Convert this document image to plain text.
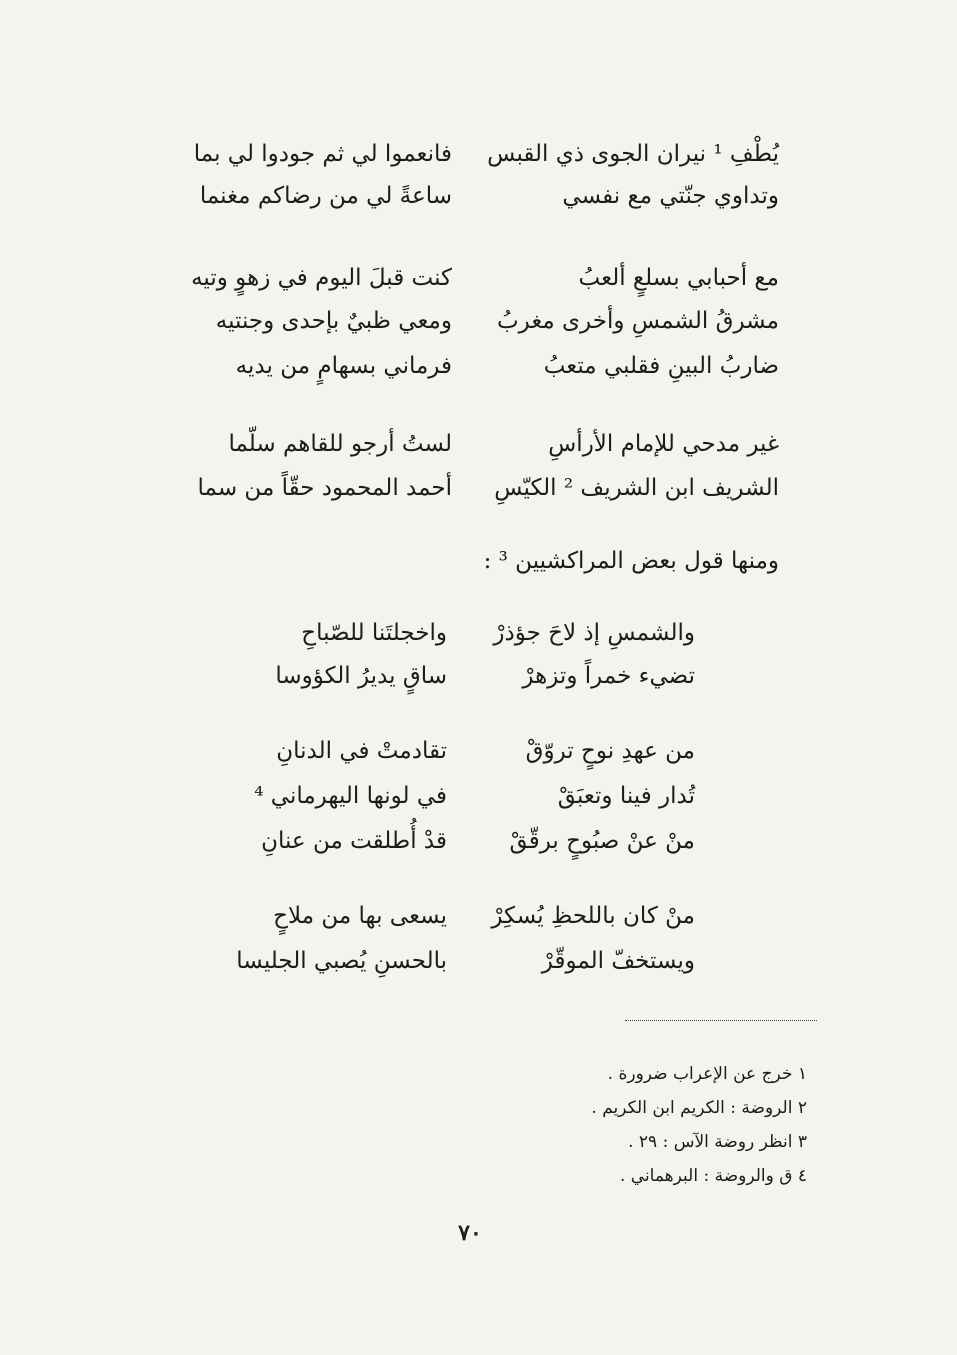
فانعموا لي ثم جودوا لي بما	يُطْفِ ¹ نيران الجوى ذي القبس
ساعةً لي من رضاكم مغنما	وتداوي جنّتي مع نفسي
كنت قبلَ اليوم في زهوٍ وتيه	مع أحبابي بسلعٍ ألعبُ
ومعي ظبيٌ بإحدى وجنتيه	مشرقُ الشمسِ وأخرى مغربُ
فرماني بسهامٍ من يديه	ضاربُ البينِ فقلبي متعبُ
لستُ أرجو للقاهم سلّما	غير مدحي للإمام الأرأسِ
أحمد المحمود حقّاً من سما	الشريف ابن الشريف ² الكيّسِ
ومنها قول بعض المراكشيين ³ :
واخجلتَنا للصّباحِ	والشمسِ إذ لاحَ جؤذرْ
ساقٍ يديرُ الكؤوسا	تضيء خمراً وتزهرْ
تقادمتْ في الدنانِ	من عهدِ نوحٍ تروّقْ
في لونها اليهرماني ⁴	تُدار فينا وتعبَقْ
قدْ أُطلقت من عنانِ	منْ عنْ صبُوحٍ برقّقْ
يسعى بها من ملاحٍ	منْ كان باللحظِ يُسكِرْ
بالحسنِ يُصبي الجليسا	ويستخفّ الموقّرْ
١ خرج عن الإعراب ضرورة .
٢ الروضة : الكريم ابن الكريم .
٣ انظر روضة الآس : ٢٩ .
٤ ق والروضة : البرهماني .
٧٠
